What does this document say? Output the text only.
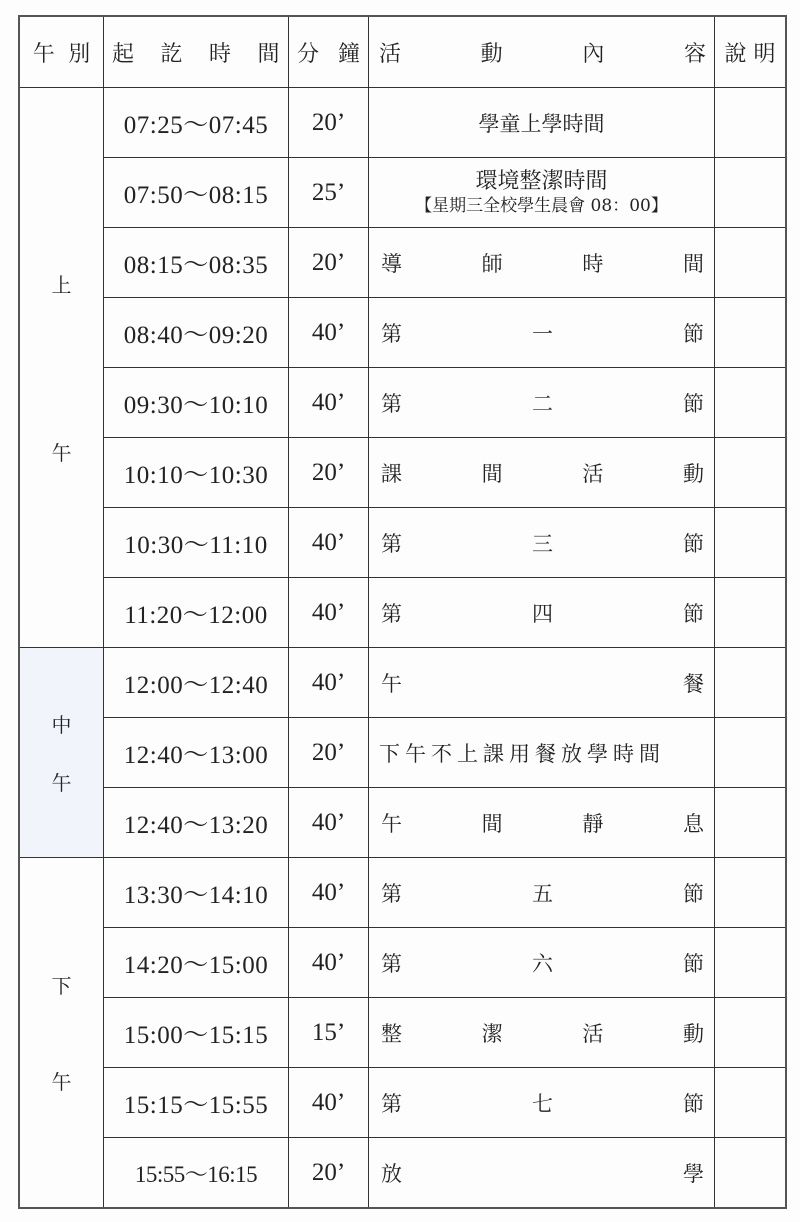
午 別	起 訖 時 間	分 鐘	活 動 內 容	說 明

上
午	07:25～07:45	20’	學童上學時間	

	07:50～08:15	25’	環境整潔時間
【星期三全校學生晨會 08：00】	

	08:15～08:35	20’	導 師 時 間	

	08:40～09:20	40’	第 一 節	

	09:30～10:10	40’	第 二 節	

	10:10～10:30	20’	課 間 活 動	

	10:30～11:10	40’	第 三 節	

	11:20～12:00	40’	第 四 節	

中
午	12:00～12:40	40’	午 餐	

	12:40～13:00	20’	下午不上課用餐放學時間	

	12:40～13:20	40’	午 間 靜 息	

下
午	13:30～14:10	40’	第 五 節	

	14:20～15:00	40’	第 六 節	

	15:00～15:15	15’	整 潔 活 動	

	15:15～15:55	40’	第 七 節	

	15:55～16:15	20’	放 學	
